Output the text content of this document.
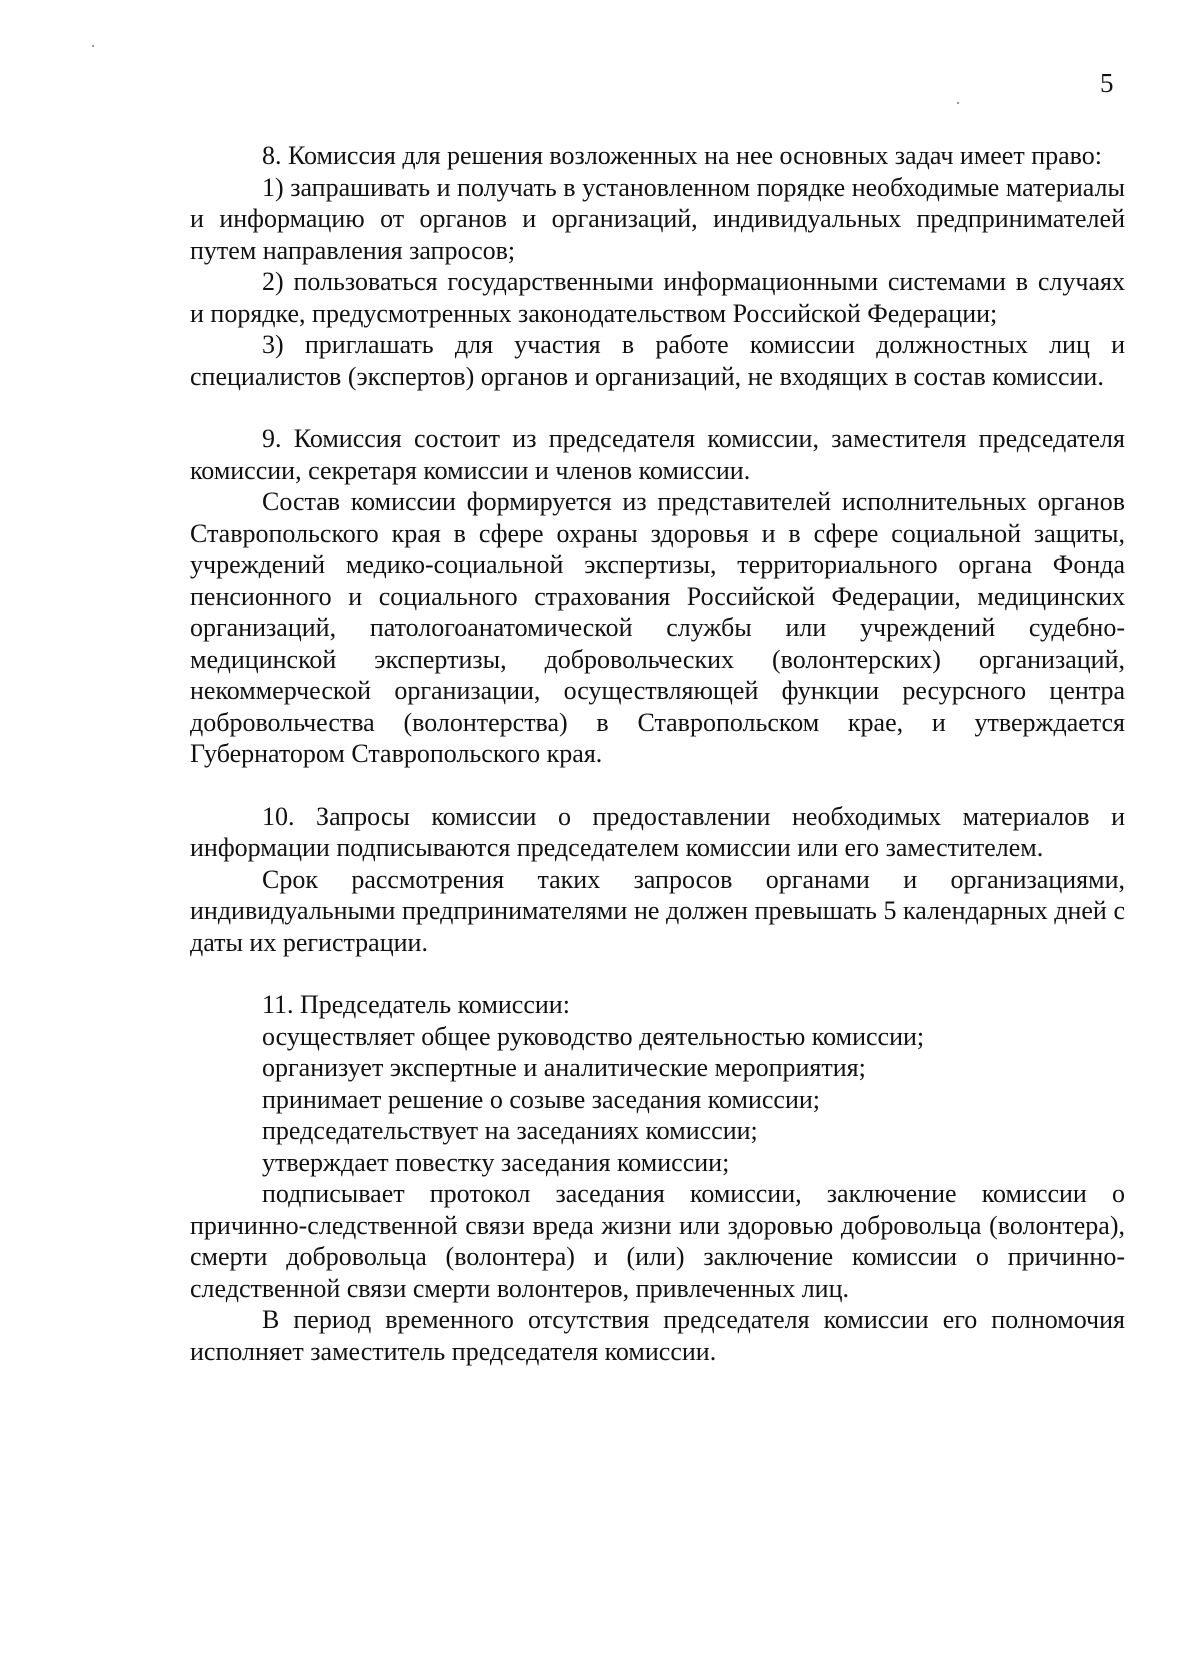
5

8. Комиссия для решения возложенных на нее основных задач имеет право:

1) запрашивать и получать в установленном порядке необходимые материалы и информацию от органов и организаций, индивидуальных предпринимателей путем направления запросов;

2) пользоваться государственными информационными системами в случаях и порядке, предусмотренных законодательством Российской Федерации;

3) приглашать для участия в работе комиссии должностных лиц и специалистов (экспертов) органов и организаций, не входящих в состав комиссии.

9. Комиссия состоит из председателя комиссии, заместителя председателя комиссии, секретаря комиссии и членов комиссии.

Состав комиссии формируется из представителей исполнительных органов Ставропольского края в сфере охраны здоровья и в сфере социальной защиты, учреждений медико-социальной экспертизы, территориального органа Фонда пенсионного и социального страхования Российской Федерации, медицинских организаций, патологоанатомической службы или учреждений судебно-медицинской экспертизы, добровольческих (волонтерских) организаций, некоммерческой организации, осуществляющей функции ресурсного центра добровольчества (волонтерства) в Ставропольском крае, и утверждается Губернатором Ставропольского края.

10. Запросы комиссии о предоставлении необходимых материалов и информации подписываются председателем комиссии или его заместителем.

Срок рассмотрения таких запросов органами и организациями, индивидуальными предпринимателями не должен превышать 5 календарных дней с даты их регистрации.

11. Председатель комиссии:

осуществляет общее руководство деятельностью комиссии;

организует экспертные и аналитические мероприятия;

принимает решение о созыве заседания комиссии;

председательствует на заседаниях комиссии;

утверждает повестку заседания комиссии;

подписывает протокол заседания комиссии, заключение комиссии о причинно-следственной связи вреда жизни или здоровью добровольца (волонтера), смерти добровольца (волонтера) и (или) заключение комиссии о причинно-следственной связи смерти волонтеров, привлеченных лиц.

В период временного отсутствия председателя комиссии его полномочия исполняет заместитель председателя комиссии.
